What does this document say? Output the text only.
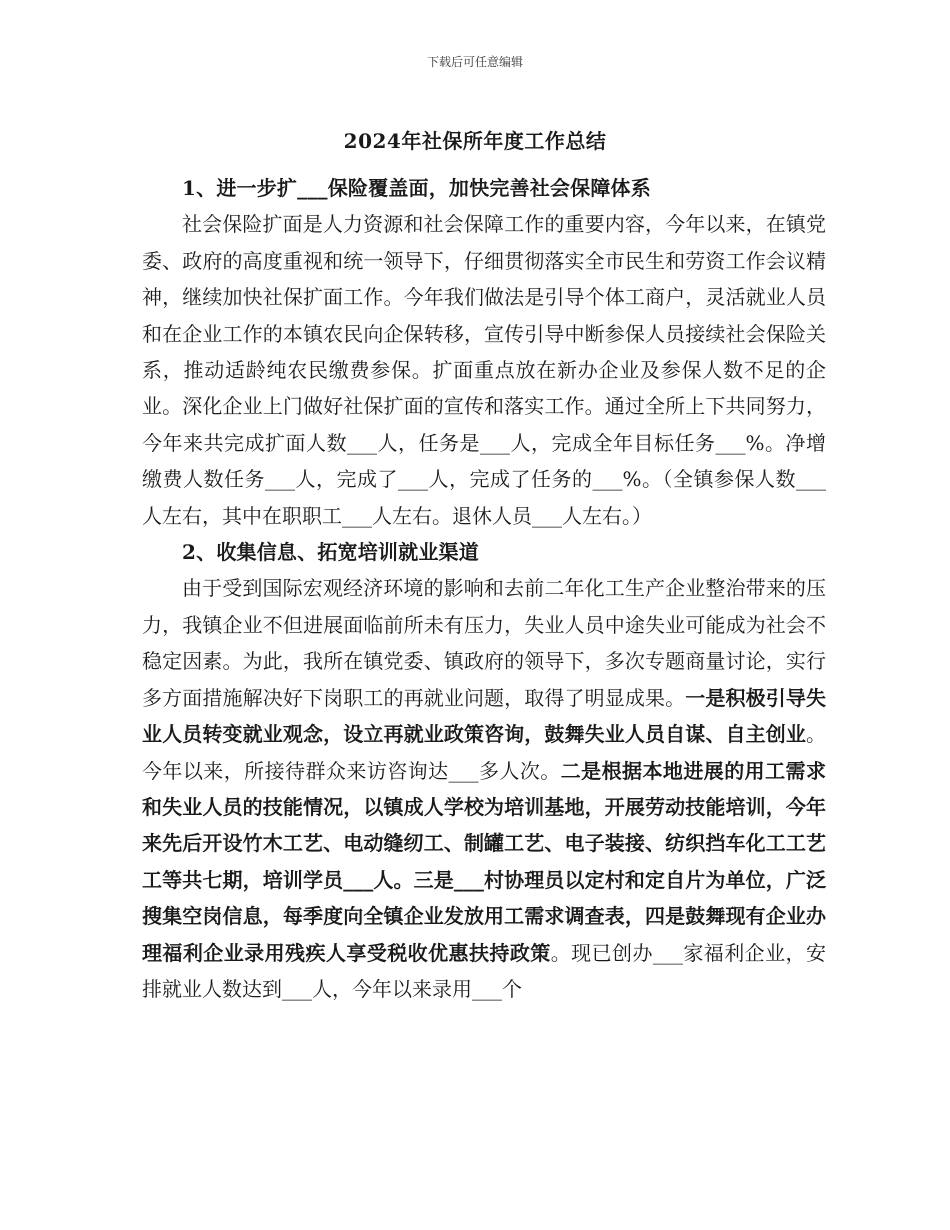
下载后可任意编辑
2024年社保所年度工作总结

1、进一步扩___保险覆盖面，加快完善社会保障体系

社会保险扩面是人力资源和社会保障工作的重要内容，今年以来，在镇党委、政府的高度重视和统一领导下，仔细贯彻落实全市民生和劳资工作会议精神，继续加快社保扩面工作。今年我们做法是引导个体工商户，灵活就业人员和在企业工作的本镇农民向企保转移，宣传引导中断参保人员接续社会保险关系，推动适龄纯农民缴费参保。扩面重点放在新办企业及参保人数不足的企业。深化企业上门做好社保扩面的宣传和落实工作。通过全所上下共同努力，今年来共完成扩面人数___人，任务是___人，完成全年目标任务___%。净增缴费人数任务___人，完成了___人，完成了任务的___%。（全镇参保人数___人左右，其中在职职工___人左右。退休人员___人左右。）

2、收集信息、拓宽培训就业渠道

由于受到国际宏观经济环境的影响和去前二年化工生产企业整治带来的压力，我镇企业不但进展面临前所未有压力，失业人员中途失业可能成为社会不稳定因素。为此，我所在镇党委、镇政府的领导下，多次专题商量讨论，实行多方面措施解决好下岗职工的再就业问题，取得了明显成果。一是积极引导失业人员转变就业观念，设立再就业政策咨询，鼓舞失业人员自谋、自主创业。今年以来，所接待群众来访咨询达___多人次。二是根据本地进展的用工需求和失业人员的技能情况，以镇成人学校为培训基地，开展劳动技能培训，今年来先后开设竹木工艺、电动缝纫工、制罐工艺、电子装接、纺织挡车化工工艺工等共七期，培训学员___人。三是___村协理员以定村和定自片为单位，广泛搜集空岗信息，每季度向全镇企业发放用工需求调查表，四是鼓舞现有企业办理福利企业录用残疾人享受税收优惠扶持政策。现已创办___家福利企业，安排就业人数达到___人，今年以来录用___个
